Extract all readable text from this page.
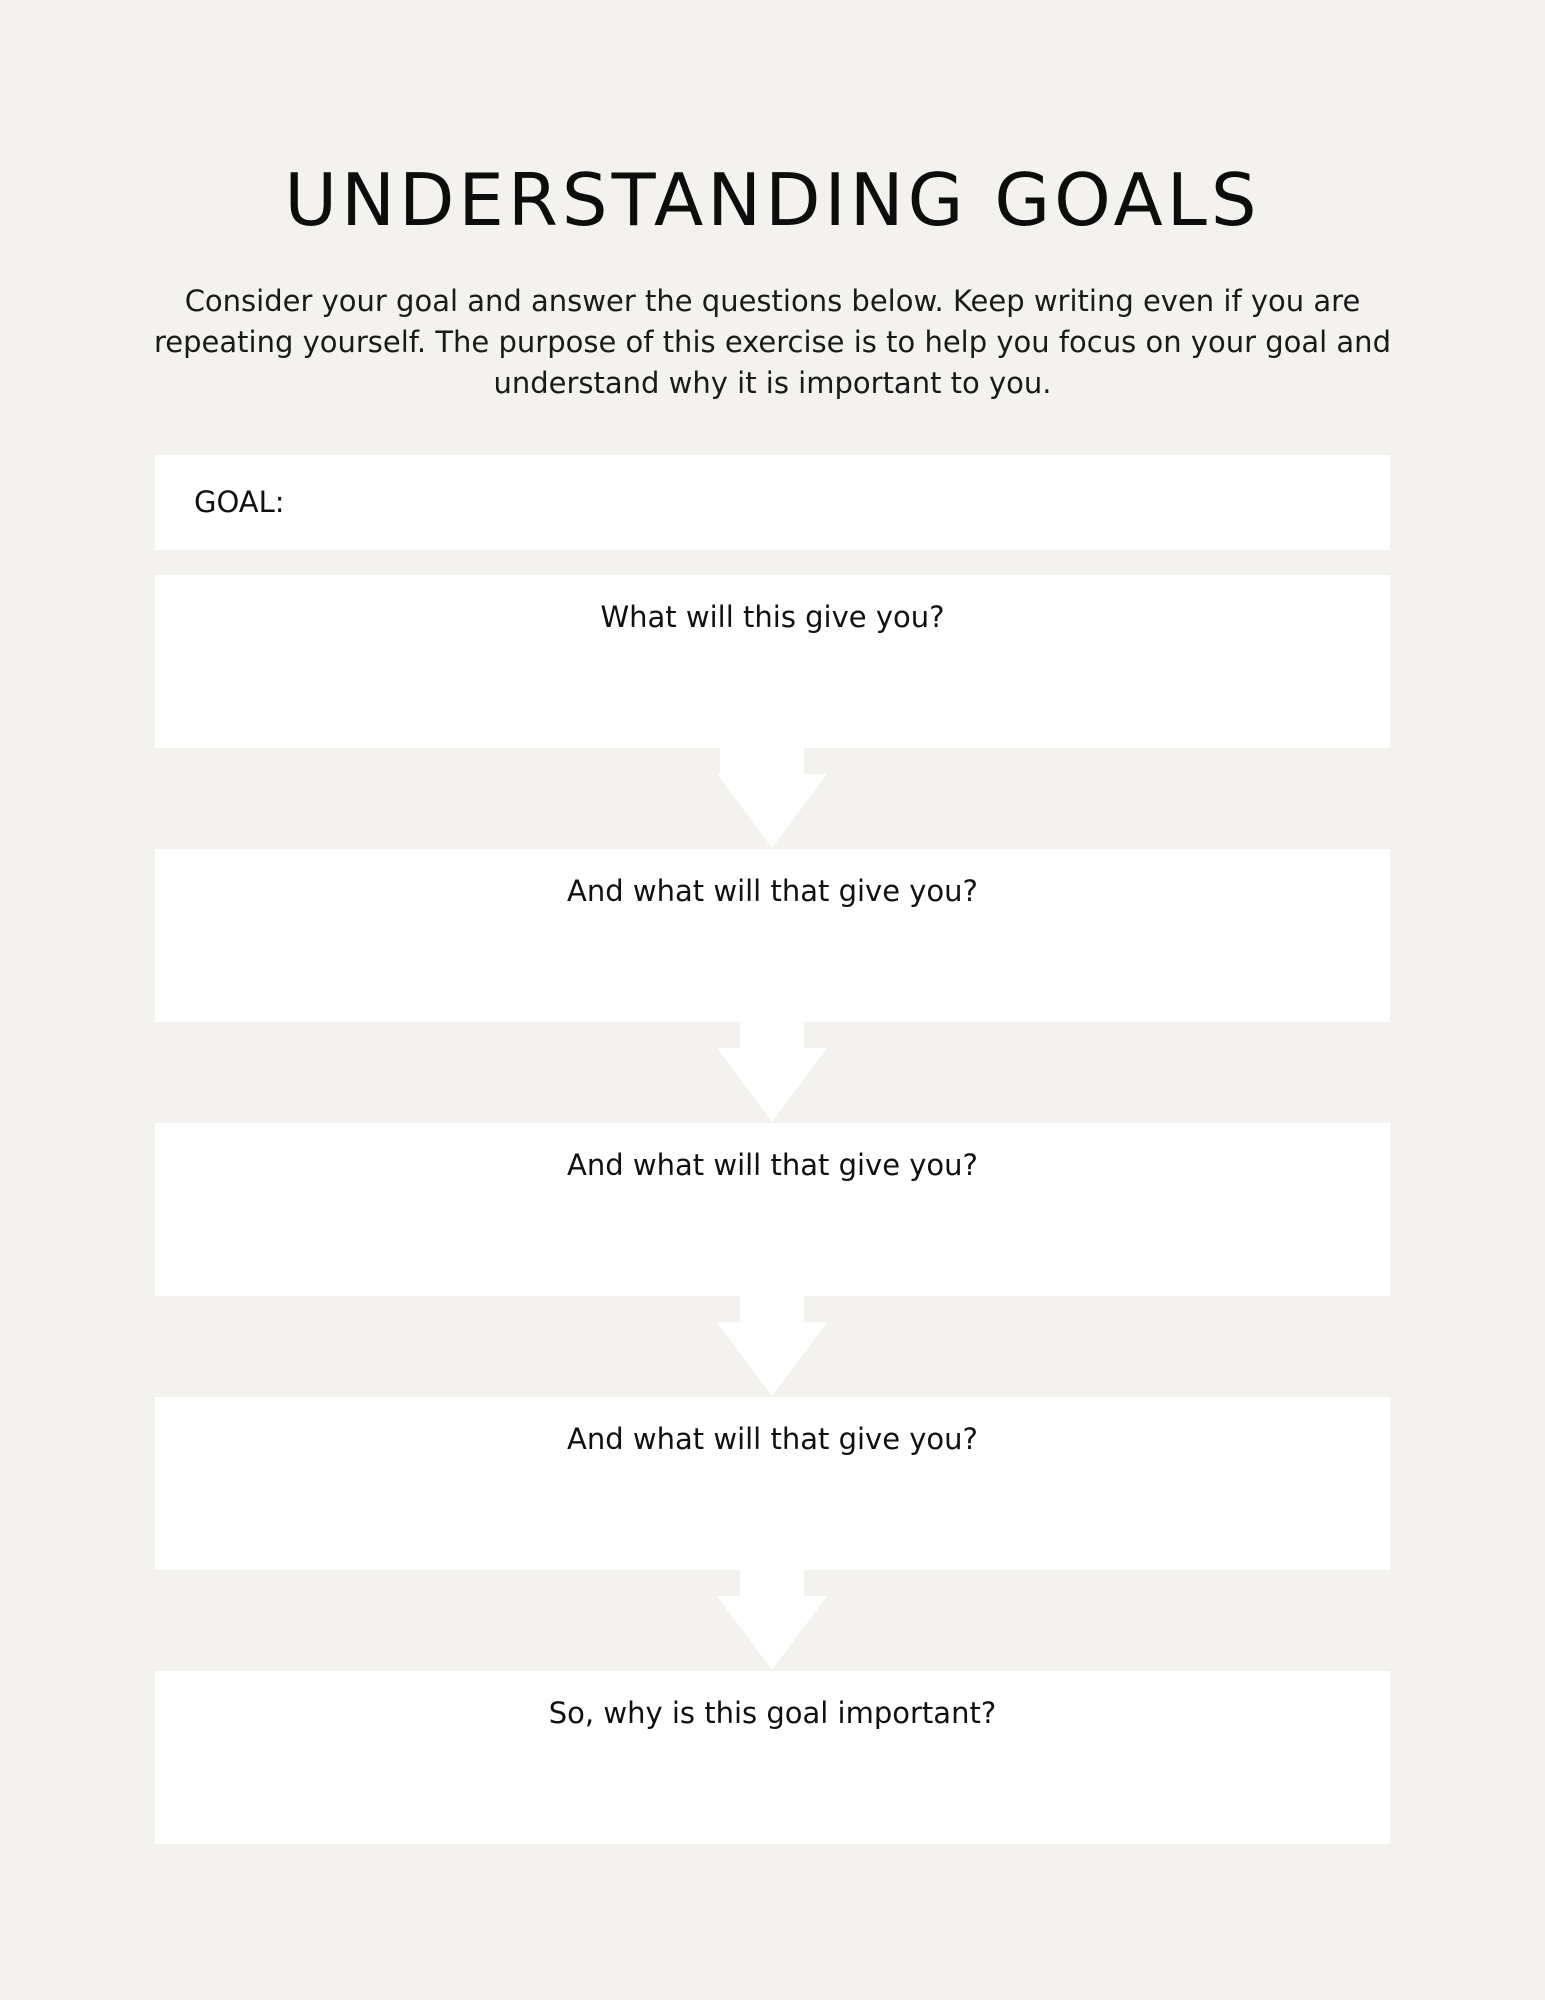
UNDERSTANDING GOALS

Consider your goal and answer the questions below. Keep writing even if you are repeating yourself. The purpose of this exercise is to help you focus on your goal and understand why it is important to you.

GOAL:
What will this give you?
And what will that give you?
And what will that give you?
And what will that give you?
So, why is this goal important?
